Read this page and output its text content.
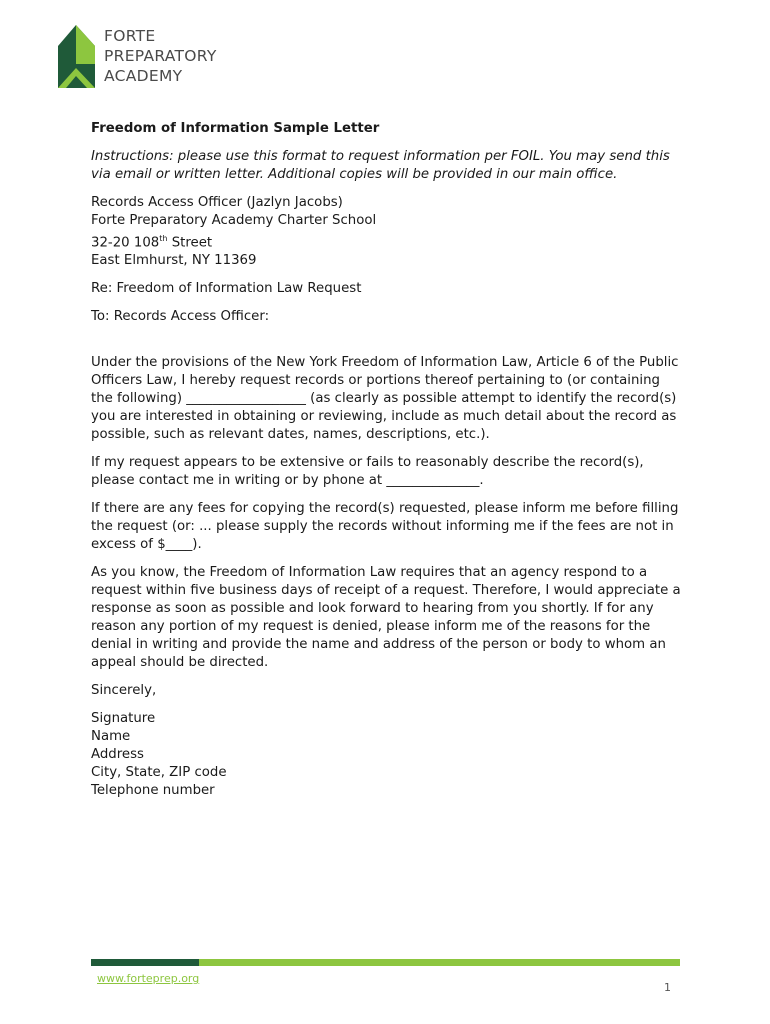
FORTE
PREPARATORY
ACADEMY

Freedom of Information Sample Letter

Instructions: please use this format to request information per FOIL. You may send this via email or written letter. Additional copies will be provided in our main office.

Records Access Officer (Jazlyn Jacobs)

Forte Preparatory Academy Charter School

32-20 108th Street

East Elmhurst, NY 11369

Re: Freedom of Information Law Request

To: Records Access Officer:

Under the provisions of the New York Freedom of Information Law, Article 6 of the Public Officers Law, I hereby request records or portions thereof pertaining to (or containing the following) __________________ (as clearly as possible attempt to identify the record(s) you are interested in obtaining or reviewing, include as much detail about the record as possible, such as relevant dates, names, descriptions, etc.).

If my request appears to be extensive or fails to reasonably describe the record(s), please contact me in writing or by phone at ______________.

If there are any fees for copying the record(s) requested, please inform me before filling the request (or: ... please supply the records without informing me if the fees are not in excess of $____).

As you know, the Freedom of Information Law requires that an agency respond to a request within five business days of receipt of a request. Therefore, I would appreciate a response as soon as possible and look forward to hearing from you shortly. If for any reason any portion of my request is denied, please inform me of the reasons for the denial in writing and provide the name and address of the person or body to whom an appeal should be directed.

Sincerely,

Signature

Name

Address

City, State, ZIP code

Telephone number

www.forteprep.org
1
